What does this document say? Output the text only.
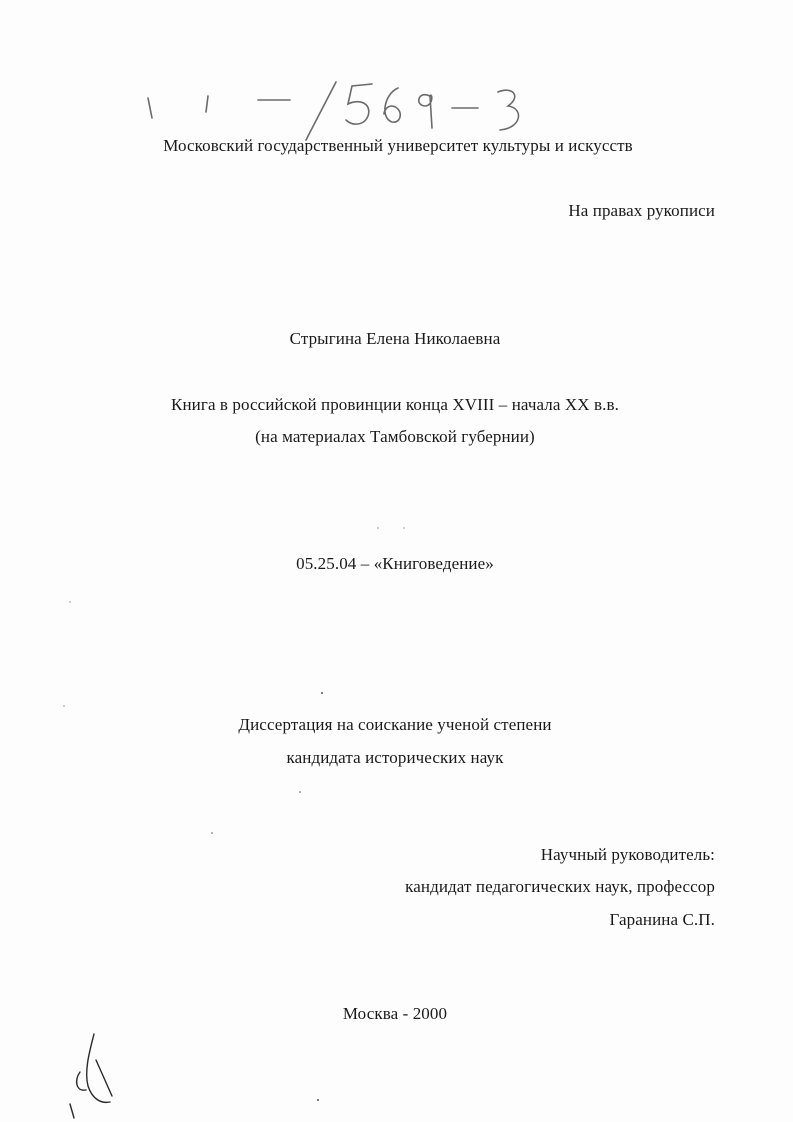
Московский государственный университет культуры и искусств
На правах рукописи
Стрыгина Елена Николаевна
Книга в российской провинции конца XVIII – начала XX в.в.
(на материалах Тамбовской губернии)
05.25.04 – «Книговедение»
Диссертация на соискание ученой степени
кандидата исторических наук
Научный руководитель:
кандидат педагогических наук, профессор
Гаранина С.П.
Москва - 2000
